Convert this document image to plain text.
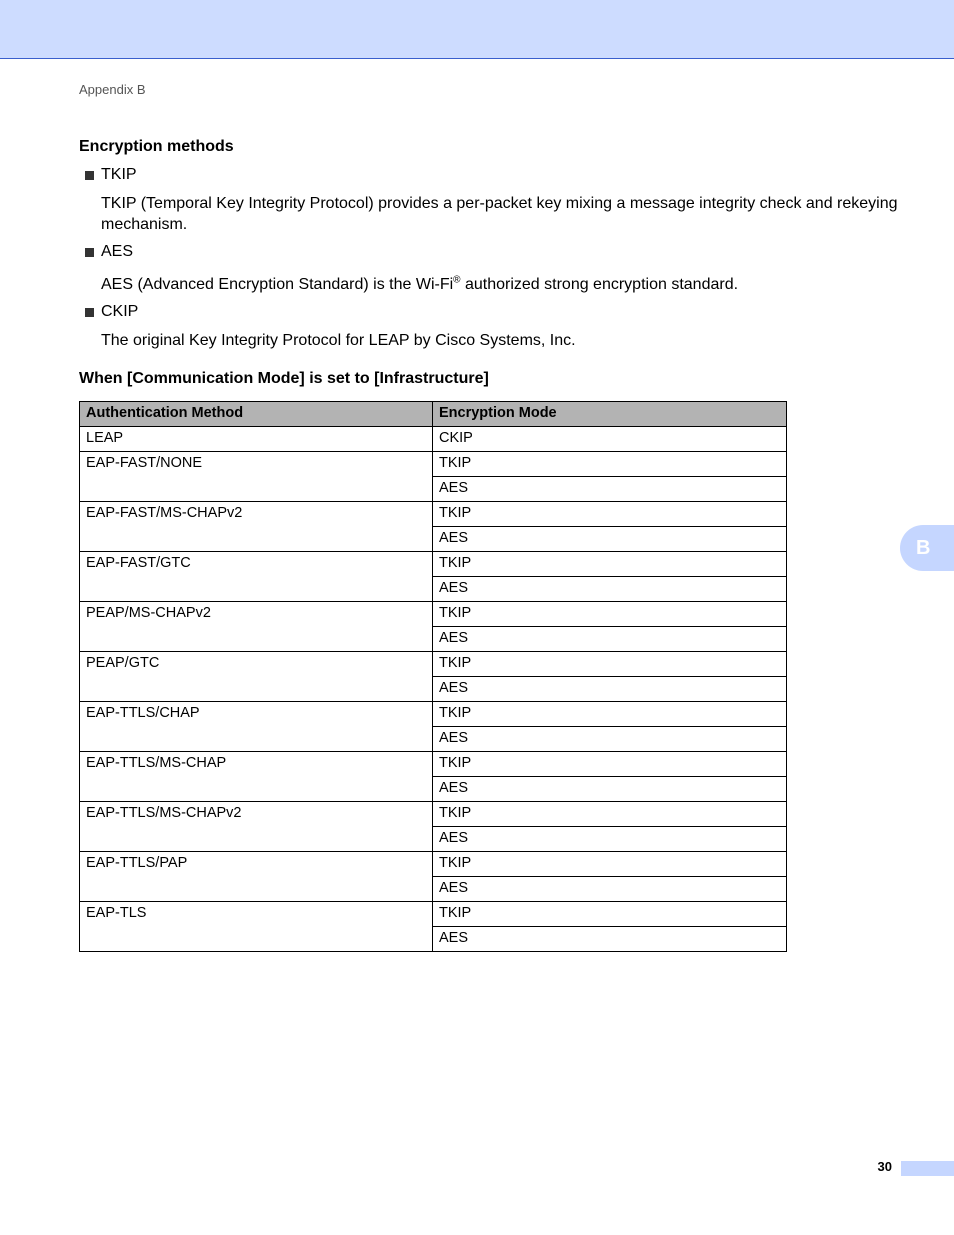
Appendix B
Encryption methods
TKIP
TKIP (Temporal Key Integrity Protocol) provides a per-packet key mixing a message integrity check and rekeying mechanism.
AES
AES (Advanced Encryption Standard) is the Wi-Fi® authorized strong encryption standard.
CKIP
The original Key Integrity Protocol for LEAP by Cisco Systems, Inc.
When [Communication Mode] is set to [Infrastructure]
Authentication Method	Encryption Mode
LEAP	CKIP
EAP-FAST/NONE	TKIP
	AES
EAP-FAST/MS-CHAPv2	TKIP
	AES
EAP-FAST/GTC	TKIP
	AES
PEAP/MS-CHAPv2	TKIP
	AES
PEAP/GTC	TKIP
	AES
EAP-TTLS/CHAP	TKIP
	AES
EAP-TTLS/MS-CHAP	TKIP
	AES
EAP-TTLS/MS-CHAPv2	TKIP
	AES
EAP-TTLS/PAP	TKIP
	AES
EAP-TLS	TKIP
	AES
B
30
